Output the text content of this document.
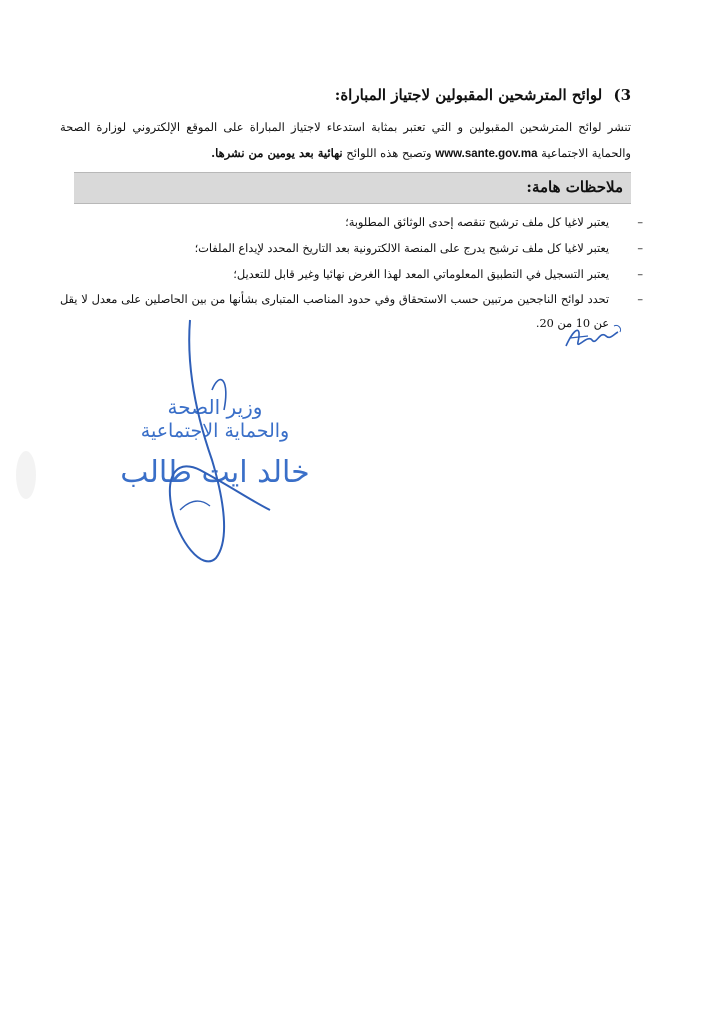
3) لوائح المترشحين المقبولين لاجتياز المباراة:
تنشر لوائح المترشحين المقبولين و التي تعتبر بمثابة استدعاء لاجتياز المباراة على الموقع الإلكتروني لوزارة الصحة والحماية الاجتماعية www.sante.gov.ma وتصبح هذه اللوائح نهائية بعد يومين من نشرها.
ملاحظات هامة:
–
يعتبر لاغيا كل ملف ترشيح تنقصه إحدى الوثائق المطلوبة؛
–
يعتبر لاغيا كل ملف ترشيح يدرج على المنصة الالكترونية بعد التاريخ المحدد لإيداع الملفات؛
–
يعتبر التسجيل في التطبيق المعلوماتي المعد لهذا الغرض نهائيا وغير قابل للتعديل؛
–
تحدد لوائح الناجحين مرتبين حسب الاستحقاق وفي حدود المناصب المتبارى بشأنها من بين الحاصلين على معدل لا يقل عن 10 من 20.
وزير الصحة
والحماية الاجتماعية
خالد ايت طالب
